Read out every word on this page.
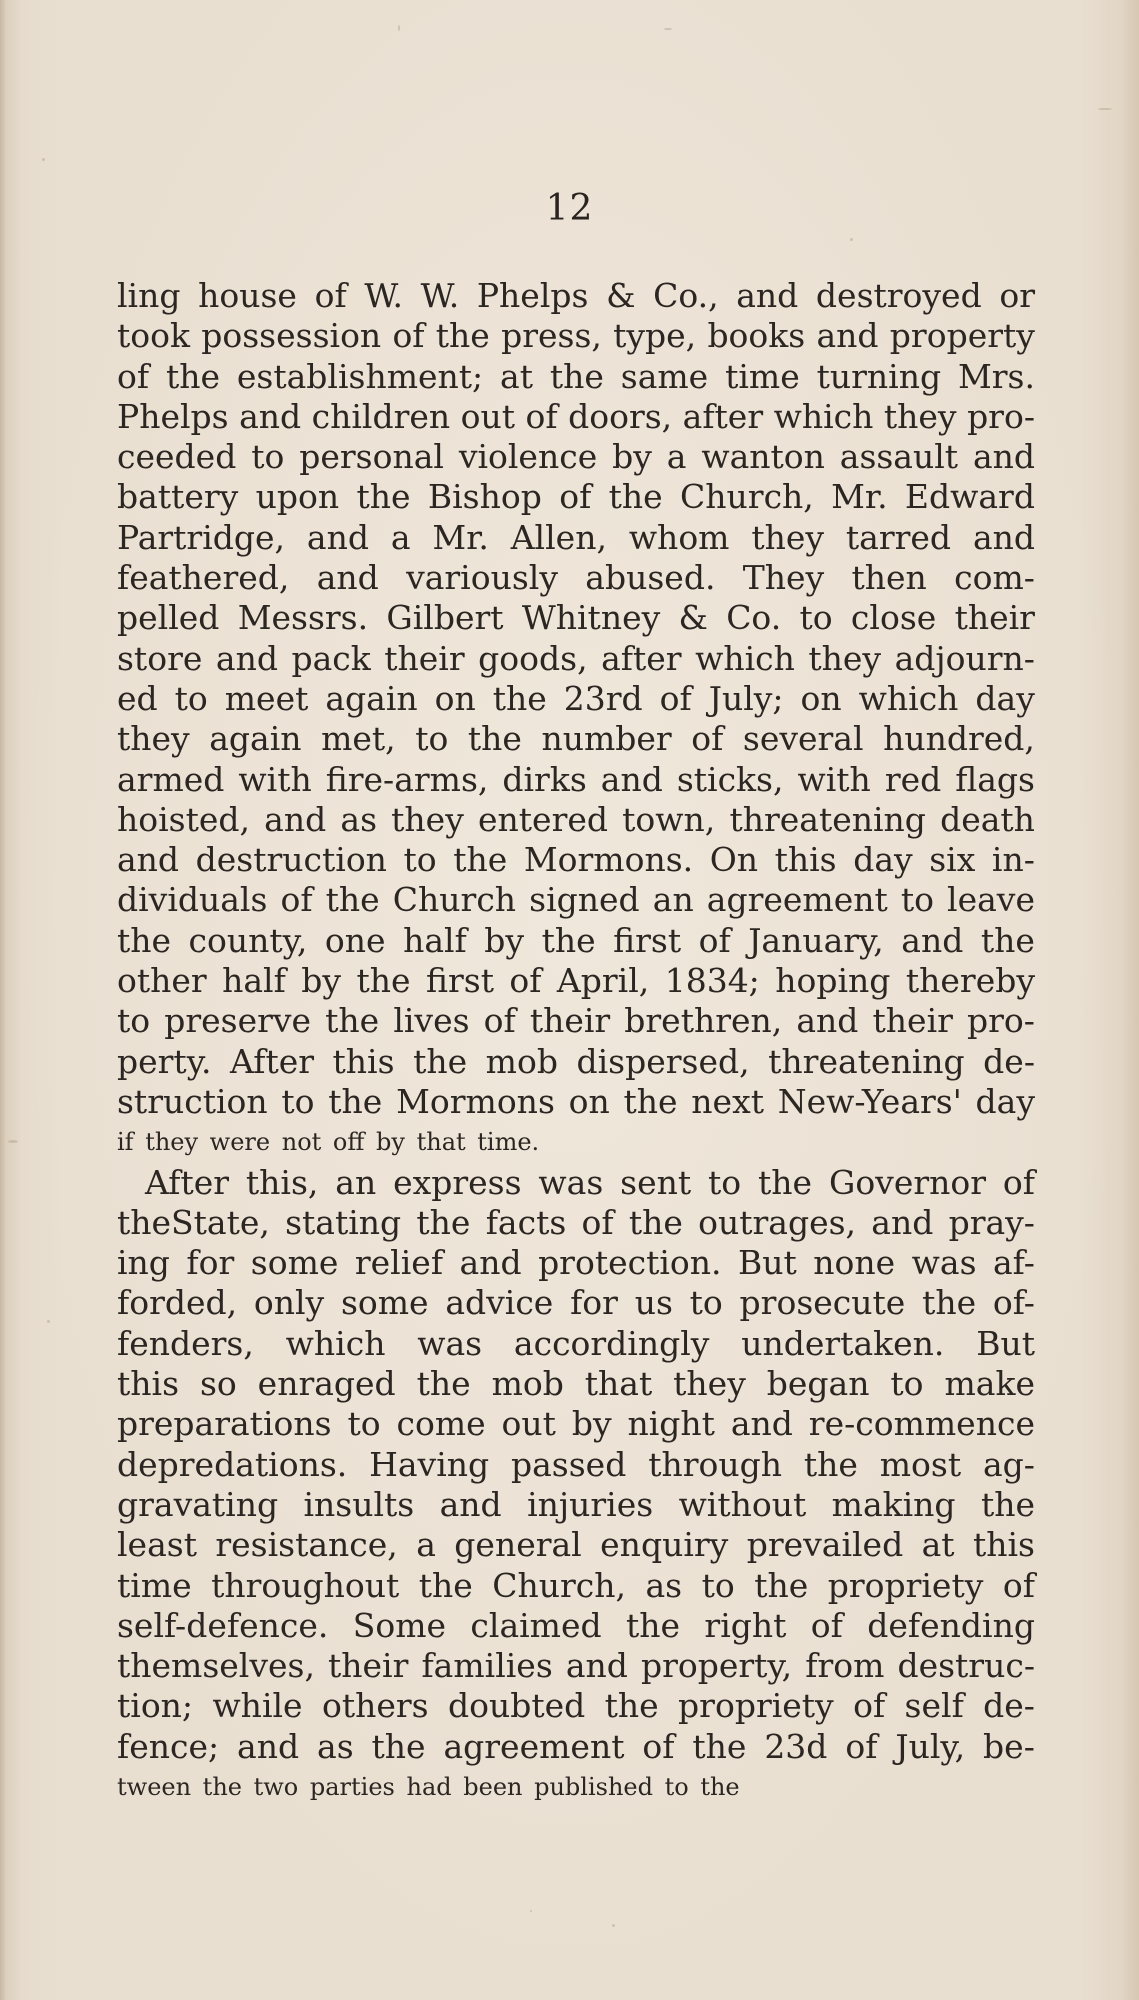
12
ling house of W. W. Phelps & Co., and destroyed or
took possession of the press, type, books and property
of the establishment; at the same time turning Mrs.
Phelps and children out of doors, after which they pro-
ceeded to personal violence by a wanton assault and
battery upon the Bishop of the Church, Mr. Edward
Partridge, and a Mr. Allen, whom they tarred and
feathered, and variously abused. They then com-
pelled Messrs. Gilbert Whitney & Co. to close their
store and pack their goods, after which they adjourn-
ed to meet again on the 23rd of July; on which day
they again met, to the number of several hundred,
armed with fire-arms, dirks and sticks, with red flags
hoisted, and as they entered town, threatening death
and destruction to the Mormons. On this day six in-
dividuals of the Church signed an agreement to leave
the county, one half by the first of January, and the
other half by the first of April, 1834; hoping thereby
to preserve the lives of their brethren, and their pro-
perty. After this the mob dispersed, threatening de-
struction to the Mormons on the next New-Years' day
if they were not off by that time.
After this, an express was sent to the Governor of
theState, stating the facts of the outrages, and pray-
ing for some relief and protection. But none was af-
forded, only some advice for us to prosecute the of-
fenders, which was accordingly undertaken. But
this so enraged the mob that they began to make
preparations to come out by night and re-commence
depredations. Having passed through the most ag-
gravating insults and injuries without making the
least resistance, a general enquiry prevailed at this
time throughout the Church, as to the propriety of
self-defence. Some claimed the right of defending
themselves, their families and property, from destruc-
tion; while others doubted the propriety of self de-
fence; and as the agreement of the 23d of July, be-
tween the two parties had been published to the
